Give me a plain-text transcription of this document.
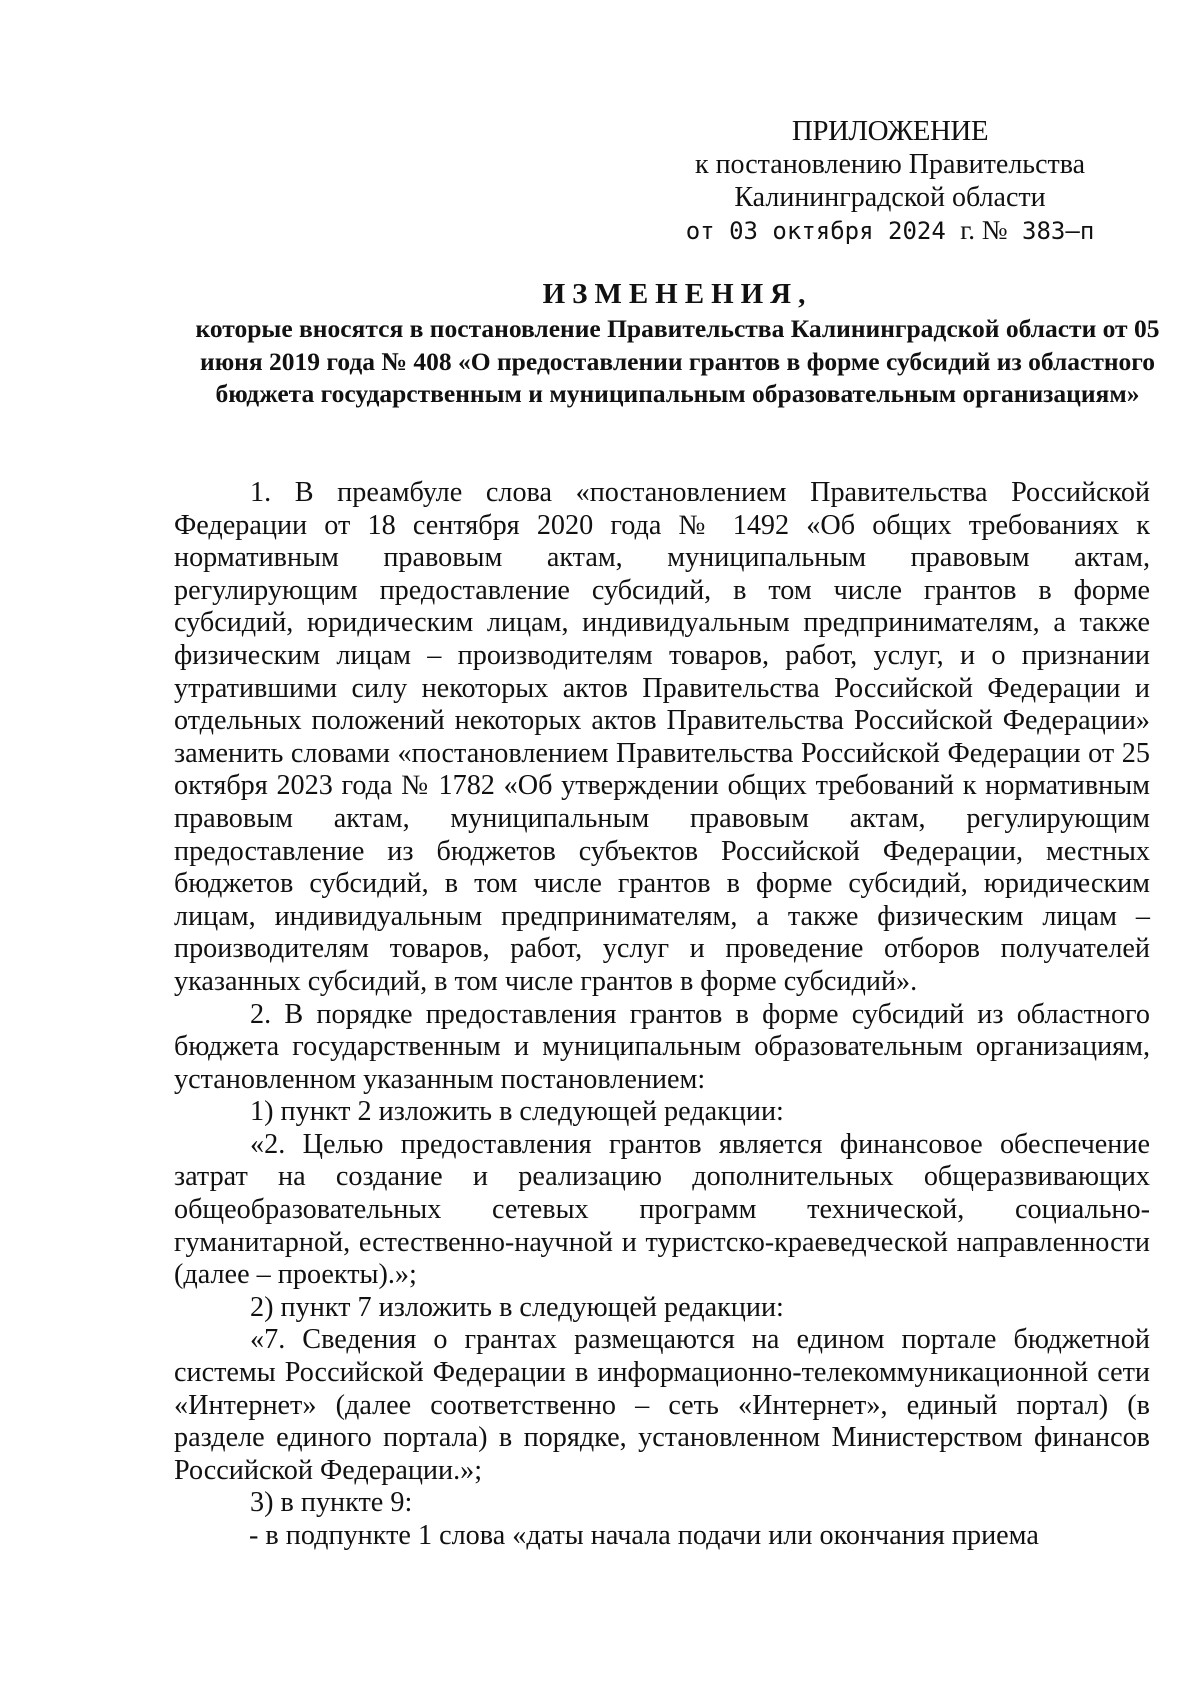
ПРИЛОЖЕНИЕ
к постановлению Правительства
Калининградской области
от 03 октября 2024 г. № 383–п
ИЗМЕНЕНИЯ,
которые вносятся в постановление Правительства Калининградской области от 05 июня 2019 года № 408 «О предоставлении грантов в форме субсидий из областного бюджета государственным и муниципальным образовательным организациям»

1. В преамбуле слова «постановлением Правительства Российской Федерации от 18 сентября 2020 года № 1492 «Об общих требованиях к нормативным правовым актам, муниципальным правовым актам, регулирующим предоставление субсидий, в том числе грантов в форме субсидий, юридическим лицам, индивидуальным предпринимателям, а также физическим лицам – производителям товаров, работ, услуг, и о признании утратившими силу некоторых актов Правительства Российской Федерации и отдельных положений некоторых актов Правительства Российской Федерации» заменить словами «постановлением Правительства Российской Федерации от 25 октября 2023 года № 1782 «Об утверждении общих требований к нормативным правовым актам, муниципальным правовым актам, регулирующим предоставление из бюджетов субъектов Российской Федерации, местных бюджетов субсидий, в том числе грантов в форме субсидий, юридическим лицам, индивидуальным предпринимателям, а также физическим лицам – производителям товаров, работ, услуг и проведение отборов получателей указанных субсидий, в том числе грантов в форме субсидий».

2. В порядке предоставления грантов в форме субсидий из областного бюджета государственным и муниципальным образовательным организациям, установленном указанным постановлением:

1) пункт 2 изложить в следующей редакции:

«2. Целью предоставления грантов является финансовое обеспечение затрат на создание и реализацию дополнительных общеразвивающих общеобразовательных сетевых программ технической, социально-гуманитарной, естественно-научной и туристско-краеведческой направленности (далее – проекты).»;

2) пункт 7 изложить в следующей редакции:

«7. Сведения о грантах размещаются на едином портале бюджетной системы Российской Федерации в информационно-телекоммуникационной сети «Интернет» (далее соответственно – сеть «Интернет», единый портал) (в разделе единого портала) в порядке, установленном Министерством финансов Российской Федерации.»;

3) в пункте 9:

- в подпункте 1 слова «даты начала подачи или окончания приема
